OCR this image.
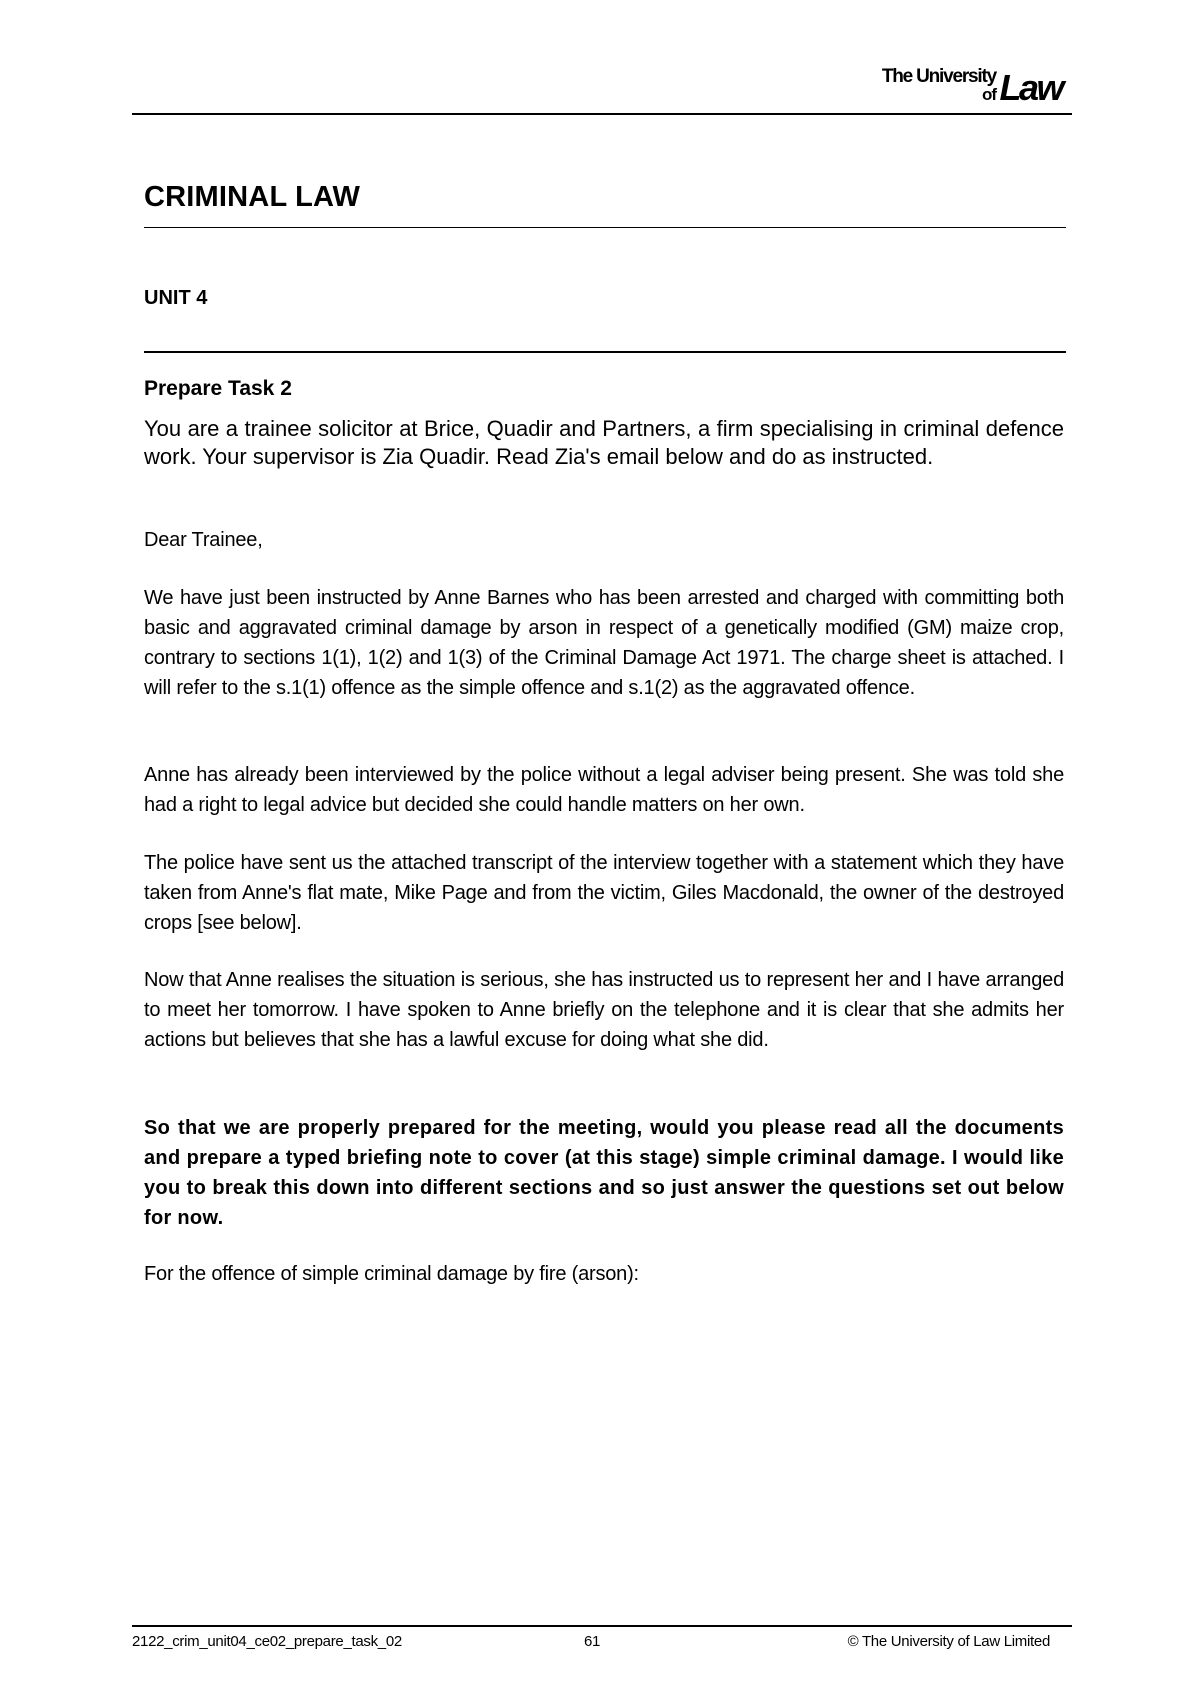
The University
of Law
CRIMINAL LAW
UNIT 4
Prepare Task 2
You are a trainee solicitor at Brice, Quadir and Partners, a firm specialising in criminal defence work. Your supervisor is Zia Quadir. Read Zia's email below and do as instructed.
Dear Trainee,
We have just been instructed by Anne Barnes who has been arrested and charged with committing both basic and aggravated criminal damage by arson in respect of a genetically modified (GM) maize crop, contrary to sections 1(1), 1(2) and 1(3) of the Criminal Damage Act 1971. The charge sheet is attached. I will refer to the s.1(1) offence as the simple offence and s.1(2) as the aggravated offence.
Anne has already been interviewed by the police without a legal adviser being present. She was told she had a right to legal advice but decided she could handle matters on her own.
The police have sent us the attached transcript of the interview together with a statement which they have taken from Anne's flat mate, Mike Page and from the victim, Giles Macdonald, the owner of the destroyed crops [see below].
Now that Anne realises the situation is serious, she has instructed us to represent her and I have arranged to meet her tomorrow. I have spoken to Anne briefly on the telephone and it is clear that she admits her actions but believes that she has a lawful excuse for doing what she did.
So that we are properly prepared for the meeting, would you please read all the documents and prepare a typed briefing note to cover (at this stage) simple criminal damage. I would like you to break this down into different sections and so just answer the questions set out below for now.
For the offence of simple criminal damage by fire (arson):
2122_crim_unit04_ce02_prepare_task_02	61	© The University of Law Limited
